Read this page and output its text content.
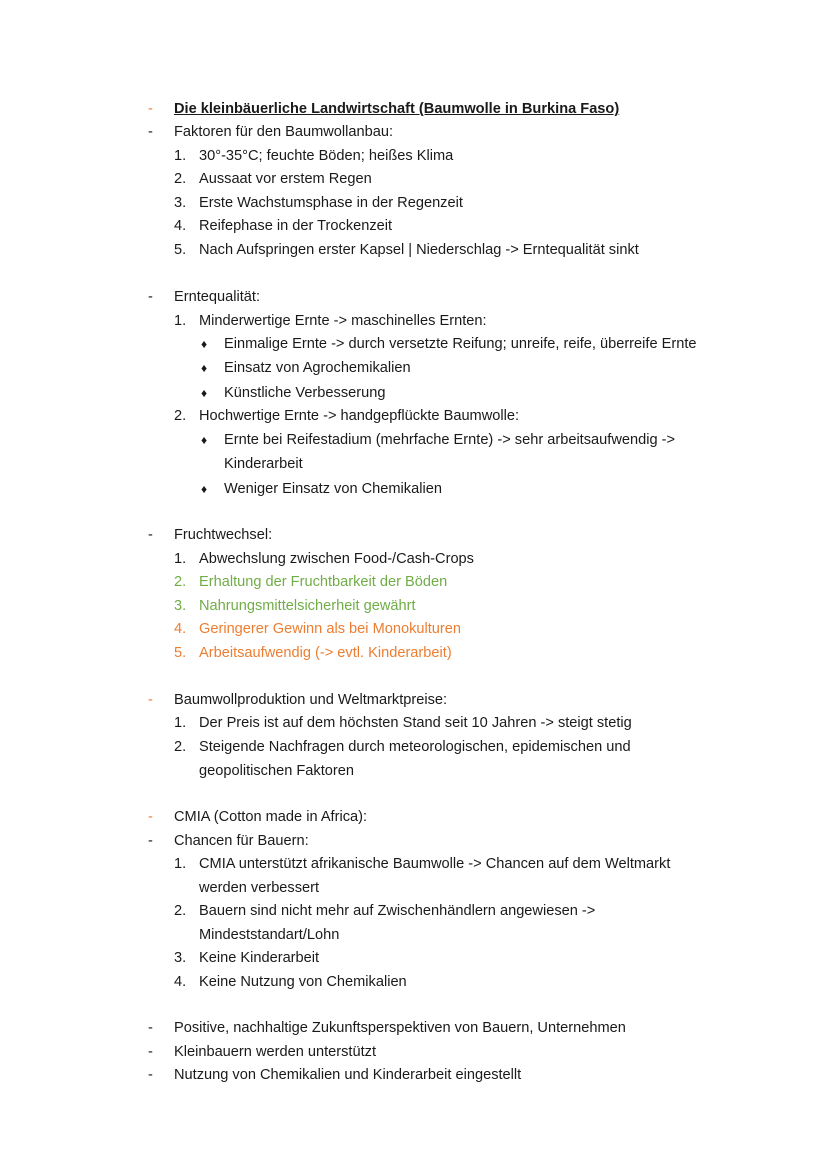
- Die kleinbäuerliche Landwirtschaft (Baumwolle in Burkina Faso)
- Faktoren für den Baumwollanbau:
1. 30°-35°C; feuchte Böden; heißes Klima
2. Aussaat vor erstem Regen
3. Erste Wachstumsphase in der Regenzeit
4. Reifephase in der Trockenzeit
5. Nach Aufspringen erster Kapsel | Niederschlag -> Erntequalität sinkt
- Erntequalität:
1. Minderwertige Ernte -> maschinelles Ernten:
♦ Einmalige Ernte -> durch versetzte Reifung; unreife, reife, überreife Ernte
♦ Einsatz von Agrochemikalien
♦ Künstliche Verbesserung
2. Hochwertige Ernte -> handgepflückte Baumwolle:
♦ Ernte bei Reifestadium (mehrfache Ernte) -> sehr arbeitsaufwendig ->
Kinderarbeit
♦ Weniger Einsatz von Chemikalien
- Fruchtwechsel:
1. Abwechslung zwischen Food-/Cash-Crops
2. Erhaltung der Fruchtbarkeit der Böden
3. Nahrungsmittelsicherheit gewährt
4. Geringerer Gewinn als bei Monokulturen
5. Arbeitsaufwendig (-> evtl. Kinderarbeit)
- Baumwollproduktion und Weltmarktpreise:
1. Der Preis ist auf dem höchsten Stand seit 10 Jahren -> steigt stetig
2. Steigende Nachfragen durch meteorologischen, epidemischen und
geopolitischen Faktoren
- CMIA (Cotton made in Africa):
- Chancen für Bauern:
1. CMIA unterstützt afrikanische Baumwolle -> Chancen auf dem Weltmarkt
werden verbessert
2. Bauern sind nicht mehr auf Zwischenhändlern angewiesen ->
Mindeststandart/Lohn
3. Keine Kinderarbeit
4. Keine Nutzung von Chemikalien
- Positive, nachhaltige Zukunftsperspektiven von Bauern, Unternehmen
- Kleinbauern werden unterstützt
- Nutzung von Chemikalien und Kinderarbeit eingestellt
